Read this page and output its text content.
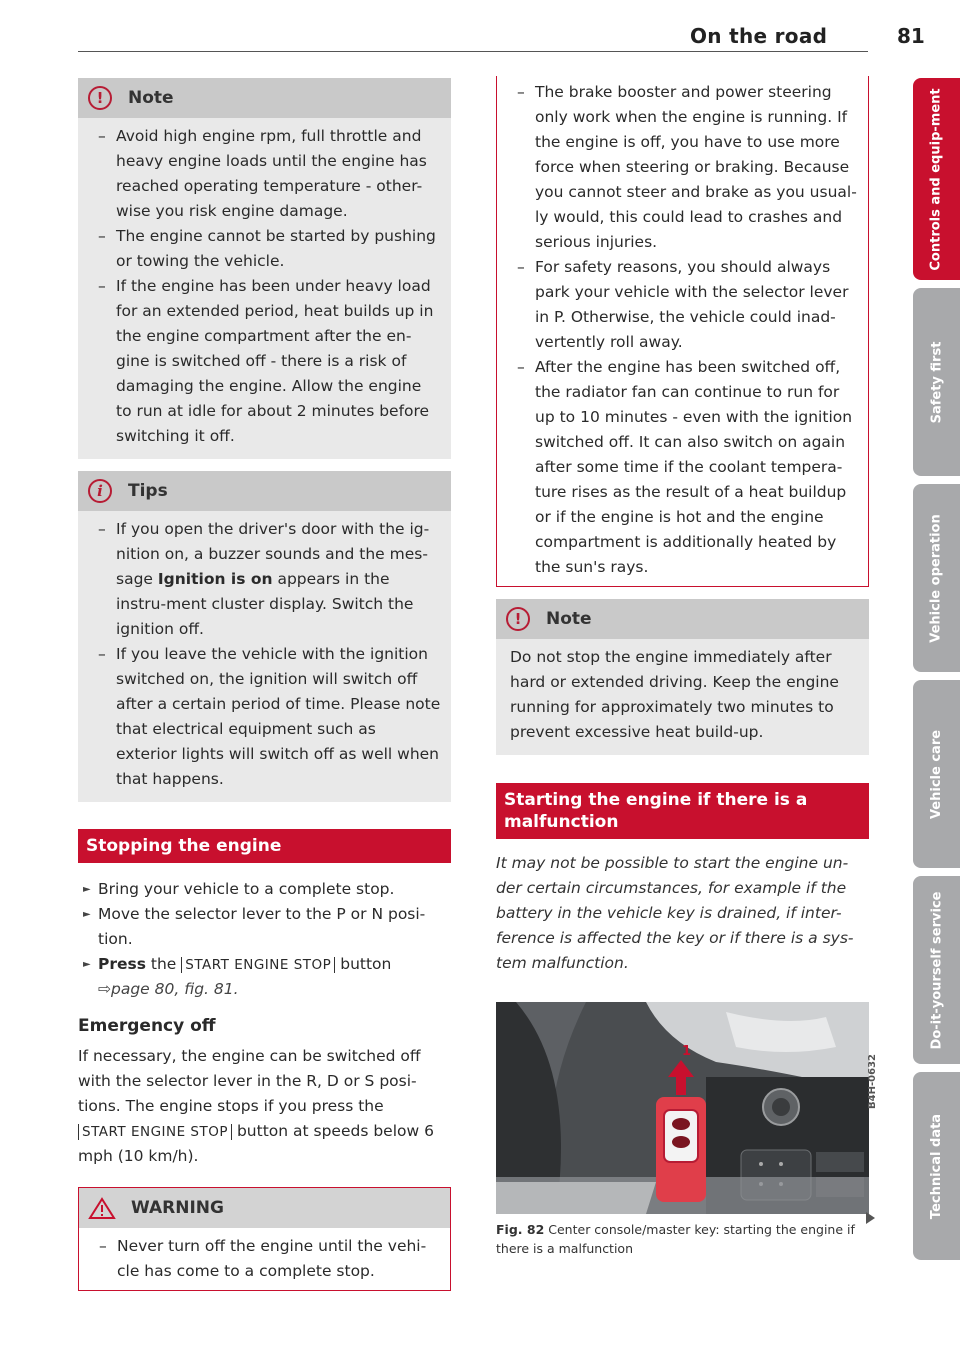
On the road	81
!	Note
– Avoid high engine rpm, full throttle and heavy engine loads until the engine has reached operating temperature - other-wise you risk engine damage.
– The engine cannot be started by pushing or towing the vehicle.
– If the engine has been under heavy load for an extended period, heat builds up in the engine compartment after the en-gine is switched off - there is a risk of damaging the engine. Allow the engine to run at idle for about 2 minutes before switching it off.
i	Tips
– If you open the driver's door with the ig-nition on, a buzzer sounds and the mes-sage Ignition is on appears in the instru-ment cluster display. Switch the ignition off.
– If you leave the vehicle with the ignition switched on, the ignition will switch off after a certain period of time. Please note that electrical equipment such as exterior lights will switch off as well when that happens.
Stopping the engine
► Bring your vehicle to a complete stop.
► Move the selector lever to the P or N posi-tion.
► Press the START ENGINE STOP button
⇨page 80, fig. 81.
Emergency off
If necessary, the engine can be switched off with the selector lever in the R, D or S posi-tions. The engine stops if you press the START ENGINE STOP button at speeds below 6 mph (10 km/h).
WARNING
– Never turn off the engine until the vehi-cle has come to a complete stop.
– The brake booster and power steering only work when the engine is running. If the engine is off, you have to use more force when steering or braking. Because you cannot steer and brake as you usual-ly would, this could lead to crashes and serious injuries.
– For safety reasons, you should always park your vehicle with the selector lever in P. Otherwise, the vehicle could inad-vertently roll away.
– After the engine has been switched off, the radiator fan can continue to run for up to 10 minutes - even with the ignition switched off. It can also switch on again after some time if the coolant tempera-ture rises as the result of a heat buildup or if the engine is hot and the engine compartment is additionally heated by the sun's rays.
!	Note
Do not stop the engine immediately after hard or extended driving. Keep the engine running for approximately two minutes to prevent excessive heat build-up.
Starting the engine if there is a malfunction
It may not be possible to start the engine un-der certain circumstances, for example if the battery in the vehicle key is drained, if inter-ference is affected the key or if there is a sys-tem malfunction.
1
B4H-0632
Fig. 82 Center console/master key: starting the engine if there is a malfunction
Controls and equip-ment
Safety first
Vehicle operation
Vehicle care
Do-it-yourself service
Technical data
